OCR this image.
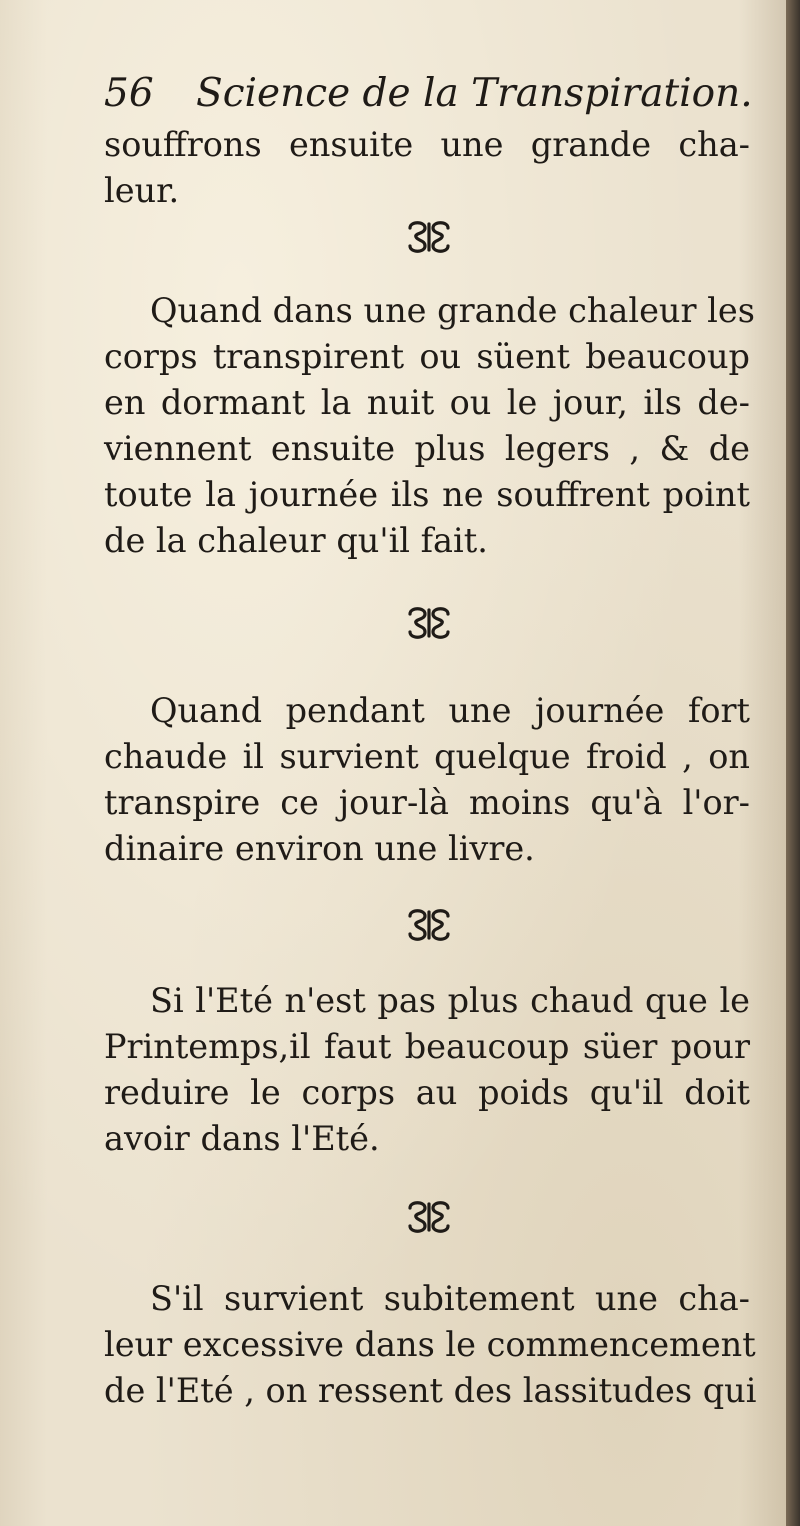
56 Science de la Transpiration.
souffrons ensuite une grande cha-
leur.
Quand dans une grande chaleur les
corps transpirent ou süent beaucoup
en dormant la nuit ou le jour, ils de-
viennent ensuite plus legers , & de
toute la journée ils ne souffrent point
de la chaleur qu'il fait.
Quand pendant une journée fort
chaude il survient quelque froid , on
transpire ce jour-là moins qu'à l'or-
dinaire environ une livre.
Si l'Eté n'est pas plus chaud que le
Printemps,il faut beaucoup süer pour
reduire le corps au poids qu'il doit
avoir dans l'Eté.
S'il survient subitement une cha-
leur excessive dans le commencement
de l'Eté , on ressent des lassitudes qui
